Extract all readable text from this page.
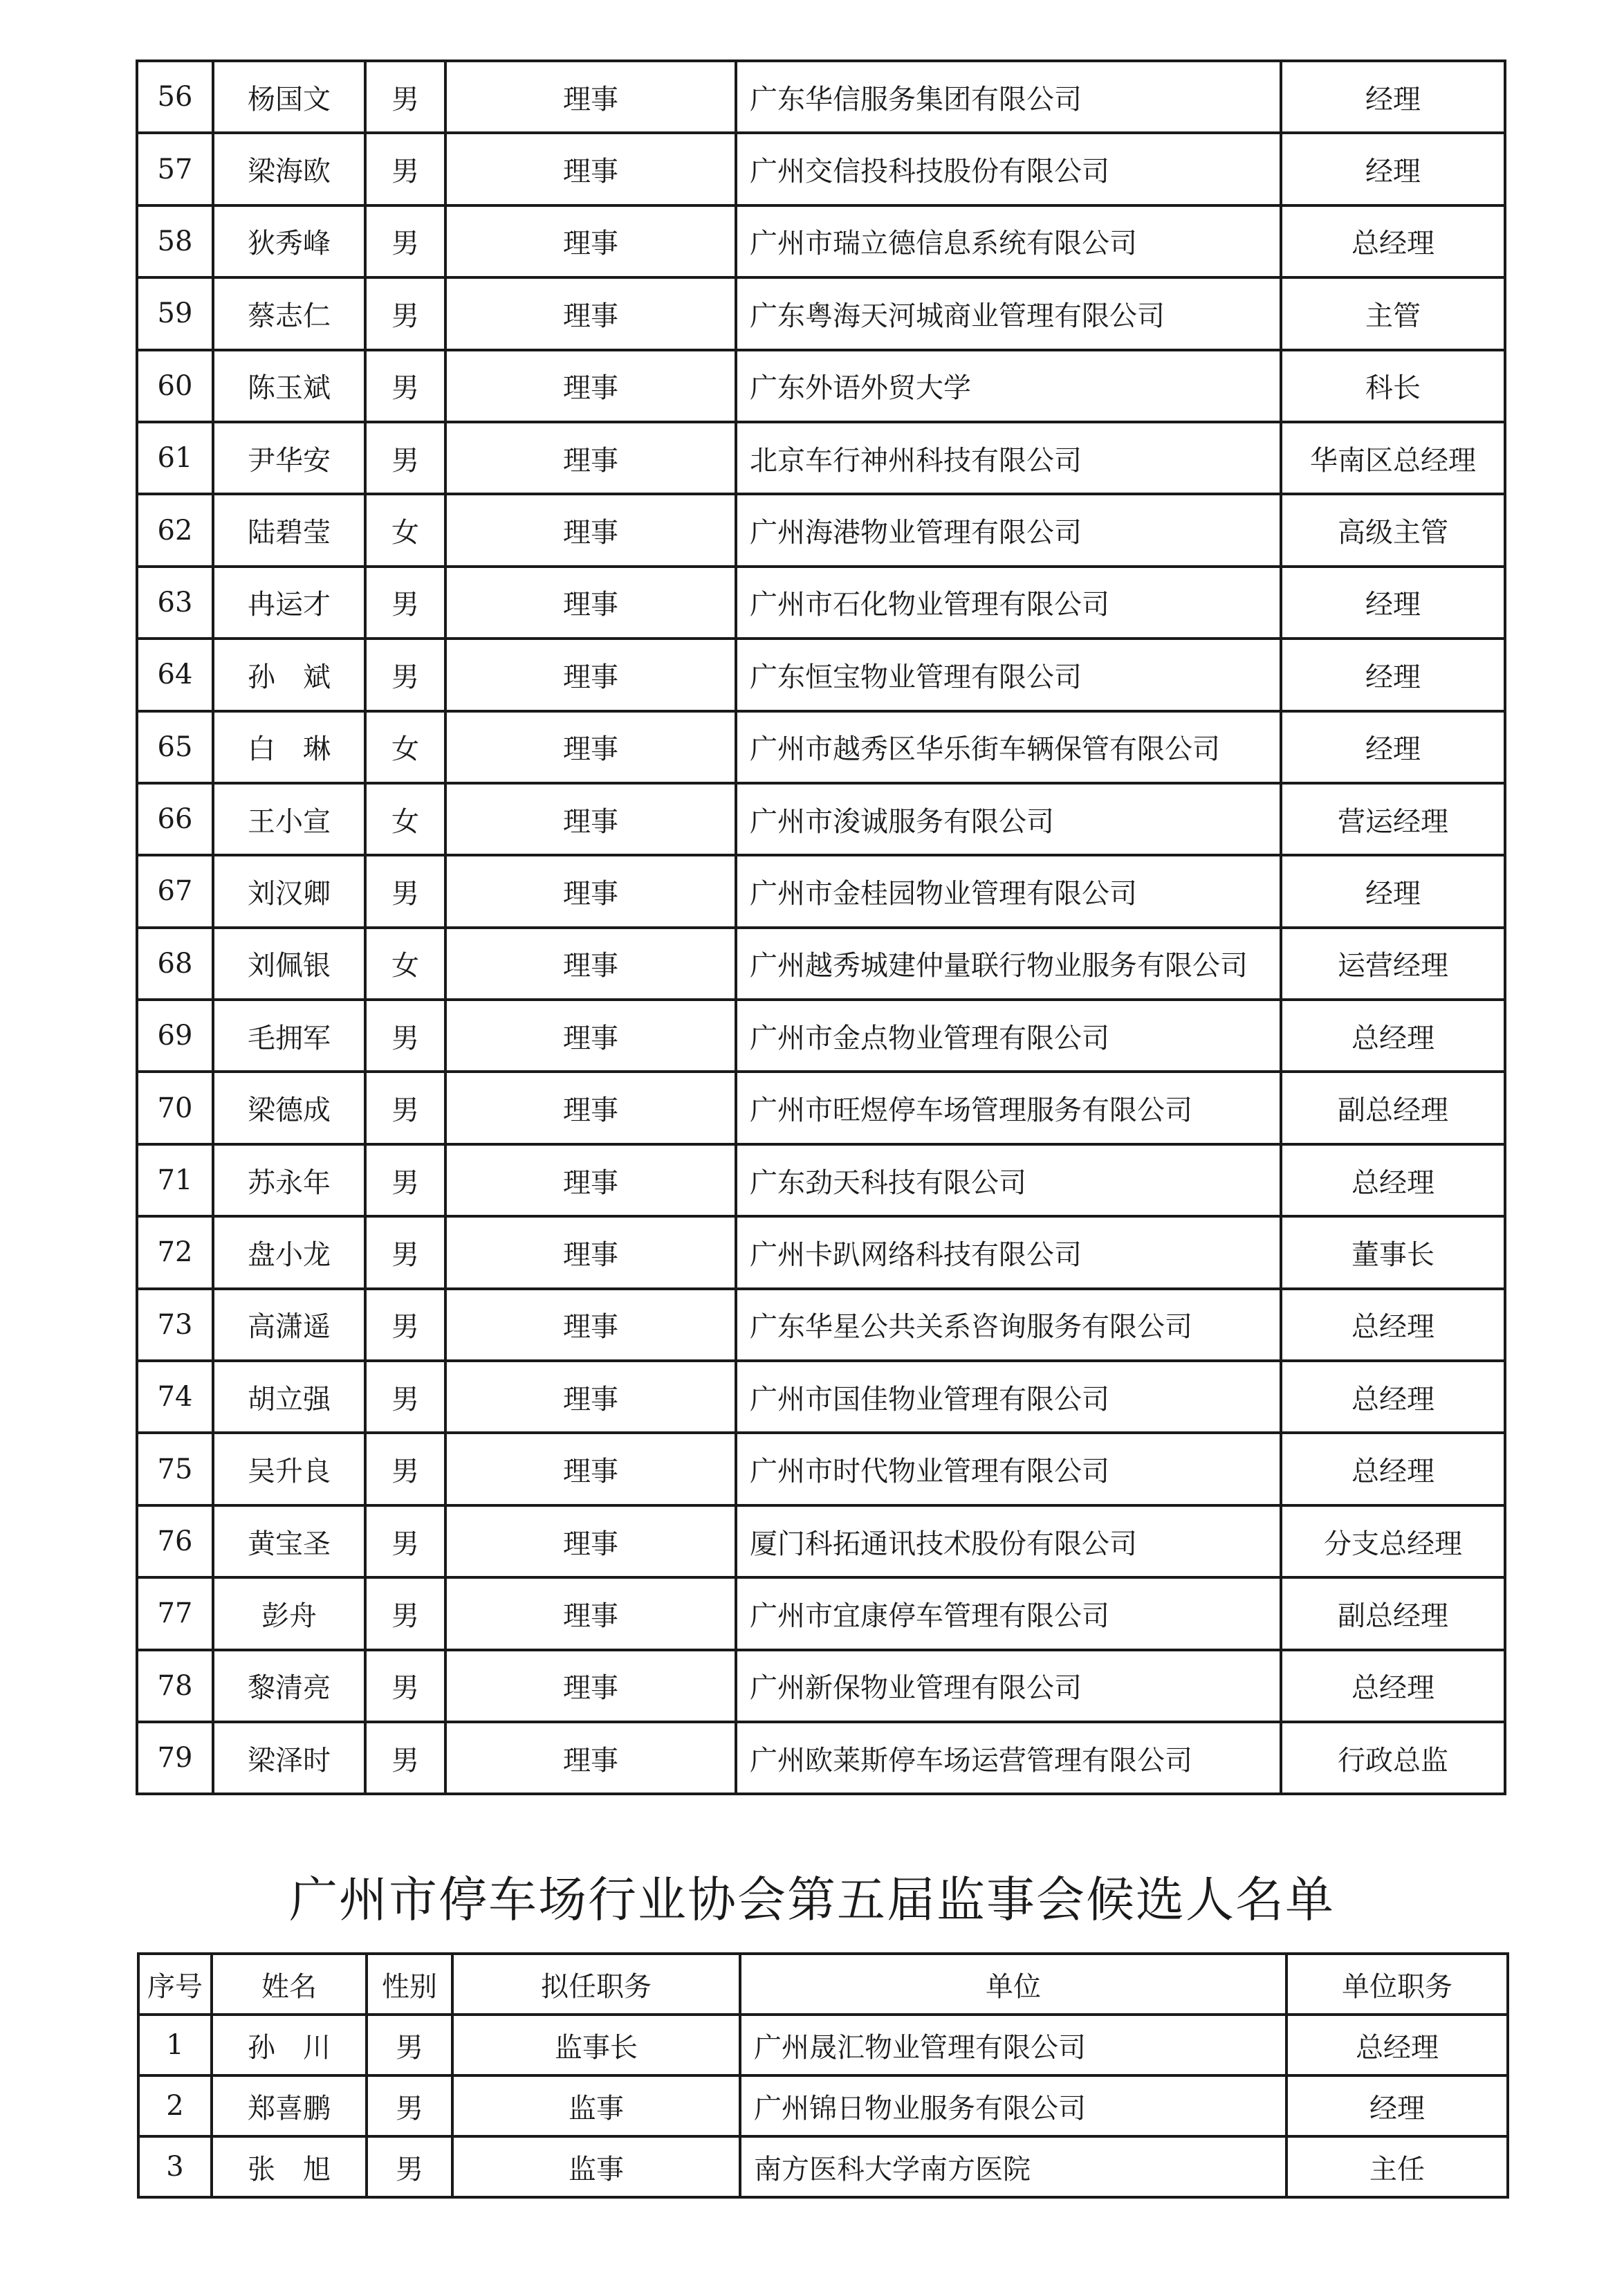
56	杨国文	男	理事	广东华信服务集团有限公司	经理
57	梁海欧	男	理事	广州交信投科技股份有限公司	经理
58	狄秀峰	男	理事	广州市瑞立德信息系统有限公司	总经理
59	蔡志仁	男	理事	广东粤海天河城商业管理有限公司	主管
60	陈玉斌	男	理事	广东外语外贸大学	科长
61	尹华安	男	理事	北京车行神州科技有限公司	华南区总经理
62	陆碧莹	女	理事	广州海港物业管理有限公司	高级主管
63	冉运才	男	理事	广州市石化物业管理有限公司	经理
64	孙　斌	男	理事	广东恒宝物业管理有限公司	经理
65	白　琳	女	理事	广州市越秀区华乐街车辆保管有限公司	经理
66	王小宣	女	理事	广州市浚诚服务有限公司	营运经理
67	刘汉卿	男	理事	广州市金桂园物业管理有限公司	经理
68	刘佩银	女	理事	广州越秀城建仲量联行物业服务有限公司	运营经理
69	毛拥军	男	理事	广州市金点物业管理有限公司	总经理
70	梁德成	男	理事	广州市旺煜停车场管理服务有限公司	副总经理
71	苏永年	男	理事	广东劲天科技有限公司	总经理
72	盘小龙	男	理事	广州卡趴网络科技有限公司	董事长
73	高潇遥	男	理事	广东华星公共关系咨询服务有限公司	总经理
74	胡立强	男	理事	广州市国佳物业管理有限公司	总经理
75	吴升良	男	理事	广州市时代物业管理有限公司	总经理
76	黄宝圣	男	理事	厦门科拓通讯技术股份有限公司	分支总经理
77	彭舟	男	理事	广州市宜康停车管理有限公司	副总经理
78	黎清亮	男	理事	广州新保物业管理有限公司	总经理
79	梁泽时	男	理事	广州欧莱斯停车场运营管理有限公司	行政总监
广州市停车场行业协会第五届监事会候选人名单
序号	姓名	性别	拟任职务	单位	单位职务
1	孙　川	男	监事长	广州晟汇物业管理有限公司	总经理
2	郑喜鹏	男	监事	广州锦日物业服务有限公司	经理
3	张　旭	男	监事	南方医科大学南方医院	主任
